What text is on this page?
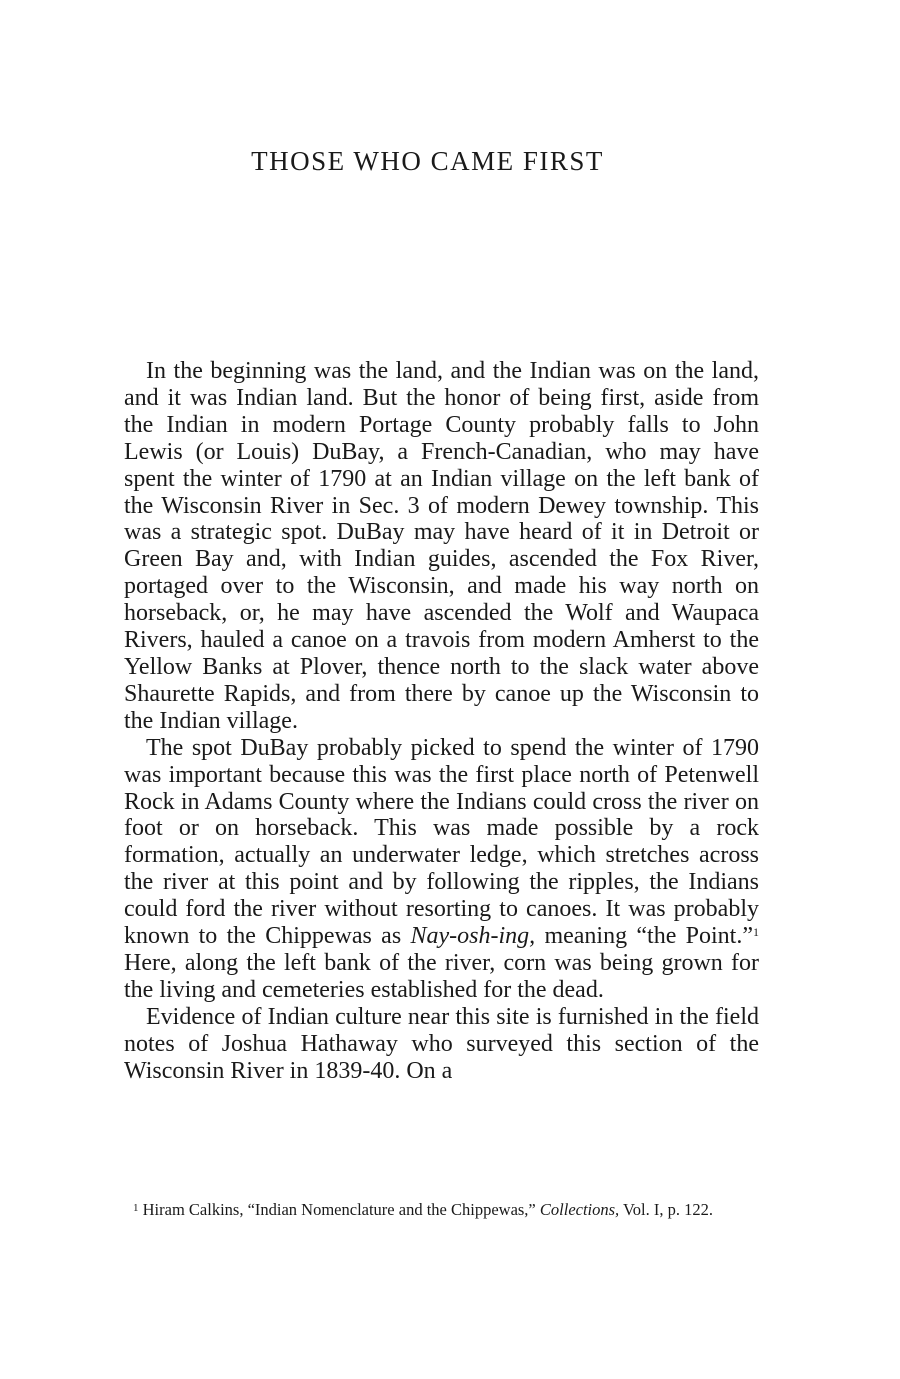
THOSE WHO CAME FIRST

In the beginning was the land, and the Indian was on the land, and it was Indian land. But the honor of being first, aside from the Indian in modern Portage County probably falls to John Lewis (or Louis) DuBay, a French-Canadian, who may have spent the winter of 1790 at an Indian village on the left bank of the Wisconsin River in Sec. 3 of modern Dewey township. This was a strategic spot. DuBay may have heard of it in Detroit or Green Bay and, with Indian guides, ascended the Fox River, portaged over to the Wisconsin, and made his way north on horseback, or, he may have ascended the Wolf and Waupaca Rivers, hauled a canoe on a travois from modern Amherst to the Yellow Banks at Plover, thence north to the slack water above Shaurette Rapids, and from there by canoe up the Wisconsin to the Indian village.

The spot DuBay probably picked to spend the winter of 1790 was important because this was the first place north of Petenwell Rock in Adams County where the Indians could cross the river on foot or on horseback. This was made possible by a rock formation, actually an underwater ledge, which stretches across the river at this point and by following the ripples, the Indians could ford the river without resorting to canoes. It was probably known to the Chippewas as Nay-osh-ing, meaning “the Point.”$^1$ Here, along the left bank of the river, corn was being grown for the living and cemeteries established for the dead.

Evidence of Indian culture near this site is furnished in the field notes of Joshua Hathaway who surveyed this section of the Wisconsin River in 1839-40. On a

$^1$ Hiram Calkins, “Indian Nomenclature and the Chippewas,” Collections, Vol. I, p. 122.
